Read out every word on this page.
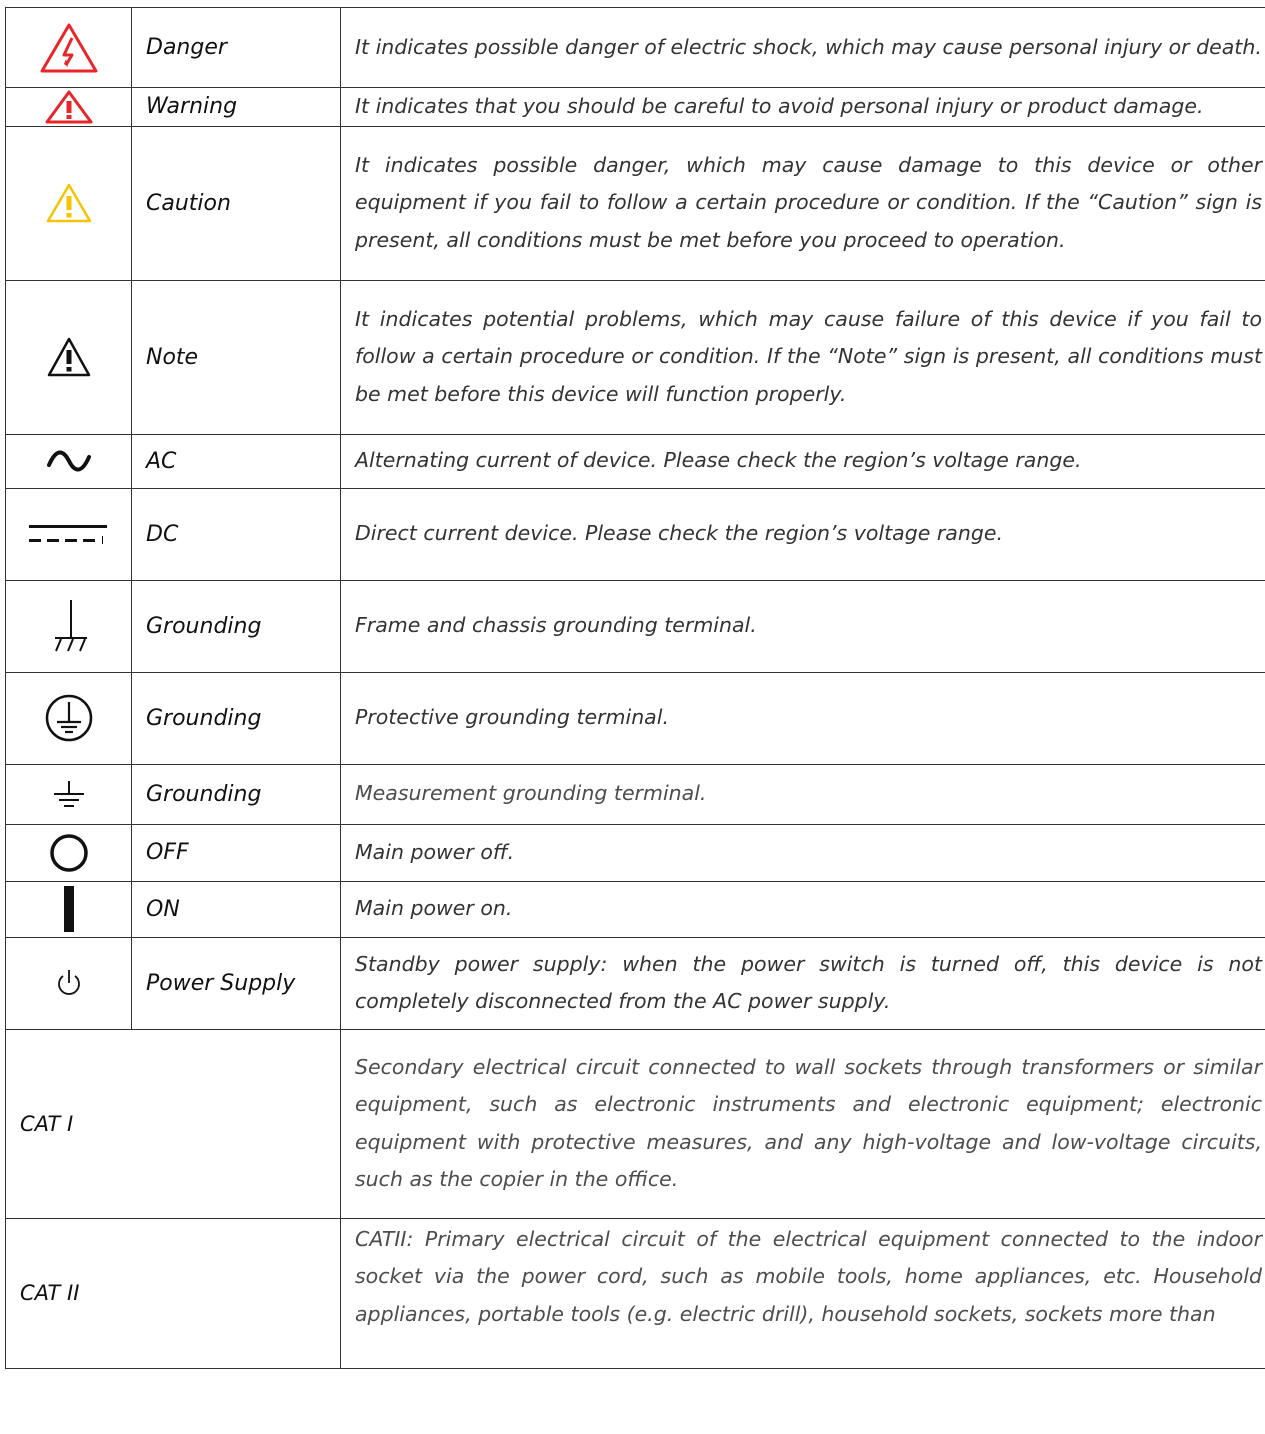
	Danger	It indicates possible danger of electric shock, which may cause personal injury or death.

	Warning	It indicates that you should be careful to avoid personal injury or product damage.

	Caution	It indicates possible danger, which may cause damage to this device or other equipment if you fail to follow a certain procedure or condition. If the “Caution” sign is present, all conditions must be met before you proceed to operation.

	Note	It indicates potential problems, which may cause failure of this device if you fail to follow a certain procedure or condition. If the “Note” sign is present, all conditions must be met before this device will function properly.

	AC	Alternating current of device. Please check the region’s voltage range.

	DC	Direct current device. Please check the region’s voltage range.

	Grounding	Frame and chassis grounding terminal.

	Grounding	Protective grounding terminal.

	Grounding	Measurement grounding terminal.

	OFF	Main power off.

	ON	Main power on.

	Power Supply	Standby power supply: when the power switch is turned off, this device is not completely disconnected from the AC power supply.
CAT I		Secondary electrical circuit connected to wall sockets through transformers or similar equipment, such as electronic instruments and electronic equipment; electronic equipment with protective measures, and any high-voltage and low-voltage circuits, such as the copier in the office.
CAT II		CATII: Primary electrical circuit of the electrical equipment connected to the indoor socket via the power cord, such as mobile tools, home appliances, etc. Household appliances, portable tools (e.g. electric drill), household sockets, sockets more than
